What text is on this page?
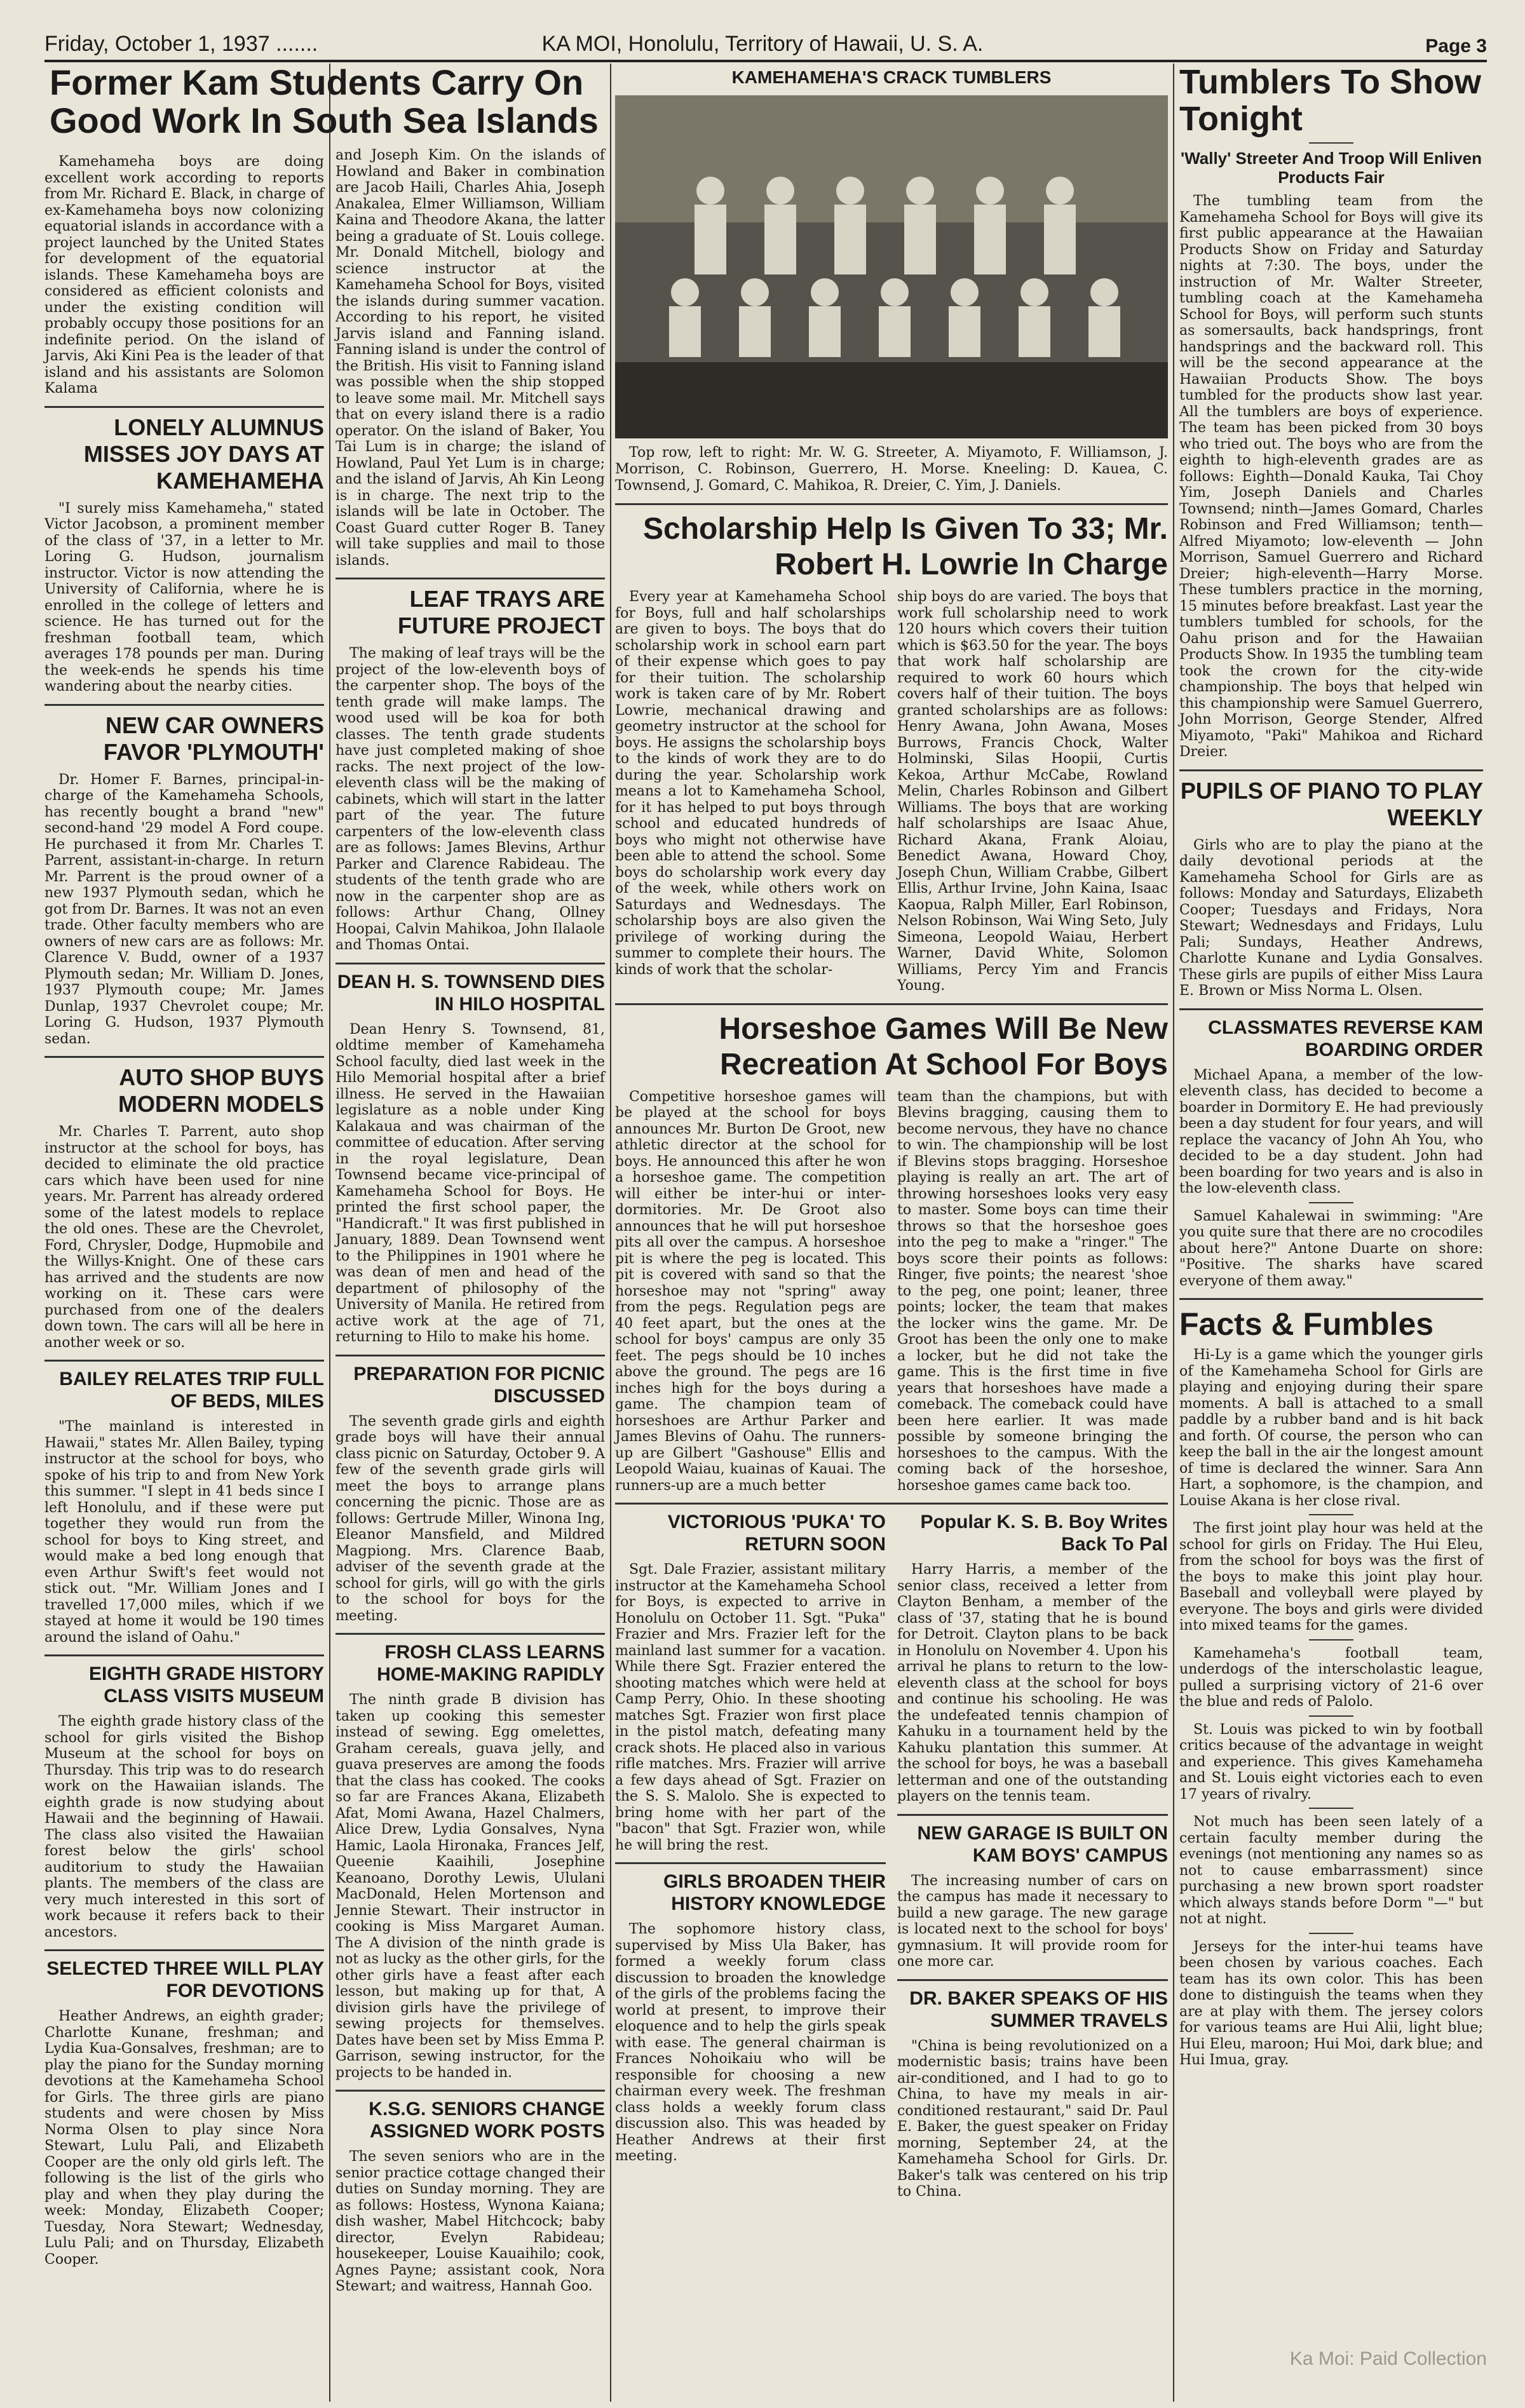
Friday, October 1, 1937 .......	KA MOI, Honolulu, Territory of Hawaii, U. S. A.	Page 3
Former Kam Students Carry On Good Work In South Sea Islands

Kamehameha boys are doing excellent work according to reports from Mr. Richard E. Black, in charge of ex-Kamehameha boys now colonizing equatorial islands in accordance with a project launched by the United States for development of the equatorial islands. These Kamehameha boys are considered as efficient colonists and under the existing condition will probably occupy those positions for an indefinite period. On the island of Jarvis, Aki Kini Pea is the leader of that island and his assistants are Solomon Kalama

LONELY ALUMNUS MISSES JOY DAYS AT KAMEHAMEHA

"I surely miss Kamehameha," stated Victor Jacobson, a prominent member of the class of '37, in a letter to Mr. Loring G. Hudson, journalism instructor. Victor is now attending the University of California, where he is enrolled in the college of letters and science. He has turned out for the freshman football team, which averages 178 pounds per man. During the week-ends he spends his time wandering about the nearby cities.

NEW CAR OWNERS FAVOR 'PLYMOUTH'

Dr. Homer F. Barnes, principal-in-charge of the Kamehameha Schools, has recently bought a brand "new" second-hand '29 model A Ford coupe. He purchased it from Mr. Charles T. Parrent, assistant-in-charge. In return Mr. Parrent is the proud owner of a new 1937 Plymouth sedan, which he got from Dr. Barnes. It was not an even trade. Other faculty members who are owners of new cars are as follows: Mr. Clarence V. Budd, owner of a 1937 Plymouth sedan; Mr. William D. Jones, 1937 Plymouth coupe; Mr. James Dunlap, 1937 Chevrolet coupe; Mr. Loring G. Hudson, 1937 Plymouth sedan.

AUTO SHOP BUYS MODERN MODELS

Mr. Charles T. Parrent, auto shop instructor at the school for boys, has decided to eliminate the old practice cars which have been used for nine years. Mr. Parrent has already ordered some of the latest models to replace the old ones. These are the Chevrolet, Ford, Chrysler, Dodge, Hupmobile and the Willys-Knight. One of these cars has arrived and the students are now working on it. These cars were purchased from one of the dealers down town. The cars will all be here in another week or so.

BAILEY RELATES TRIP FULL OF BEDS, MILES

"The mainland is interested in Hawaii," states Mr. Allen Bailey, typing instructor at the school for boys, who spoke of his trip to and from New York this summer. "I slept in 41 beds since I left Honolulu, and if these were put together they would run from the school for boys to King street, and would make a bed long enough that even Arthur Swift's feet would not stick out. "Mr. William Jones and I travelled 17,000 miles, which if we stayed at home it would be 190 times around the island of Oahu."

EIGHTH GRADE HISTORY CLASS VISITS MUSEUM

The eighth grade history class of the school for girls visited the Bishop Museum at the school for boys on Thursday. This trip was to do research work on the Hawaiian islands. The eighth grade is now studying about Hawaii and the beginning of Hawaii. The class also visited the Hawaiian forest below the girls' school auditorium to study the Hawaiian plants. The members of the class are very much interested in this sort of work because it refers back to their ancestors.

SELECTED THREE WILL PLAY FOR DEVOTIONS

Heather Andrews, an eighth grader; Charlotte Kunane, freshman; and Lydia Kua-Gonsalves, freshman; are to play the piano for the Sunday morning devotions at the Kamehameha School for Girls. The three girls are piano students and were chosen by Miss Norma Olsen to play since Nora Stewart, Lulu Pali, and Elizabeth Cooper are the only old girls left. The following is the list of the girls who play and when they play during the week: Monday, Elizabeth Cooper; Tuesday, Nora Stewart; Wednesday, Lulu Pali; and on Thursday, Elizabeth Cooper.

and Joseph Kim. On the islands of Howland and Baker in combination are Jacob Haili, Charles Ahia, Joseph Anakalea, Elmer Williamson, William Kaina and Theodore Akana, the latter being a graduate of St. Louis college. Mr. Donald Mitchell, biology and science instructor at the Kamehameha School for Boys, visited the islands during summer vacation. According to his report, he visited Jarvis island and Fanning island. Fanning island is under the control of the British. His visit to Fanning island was possible when the ship stopped to leave some mail. Mr. Mitchell says that on every island there is a radio operator. On the island of Baker, You Tai Lum is in charge; the island of Howland, Paul Yet Lum is in charge; and the island of Jarvis, Ah Kin Leong is in charge. The next trip to the islands will be late in October. The Coast Guard cutter Roger B. Taney will take supplies and mail to those islands.

LEAF TRAYS ARE FUTURE PROJECT

The making of leaf trays will be the project of the low-eleventh boys of the carpenter shop. The boys of the tenth grade will make lamps. The wood used will be koa for both classes. The tenth grade students have just completed making of shoe racks. The next project of the low-eleventh class will be the making of cabinets, which will start in the latter part of the year. The future carpenters of the low-eleventh class are as follows: James Blevins, Arthur Parker and Clarence Rabideau. The students of the tenth grade who are now in the carpenter shop are as follows: Arthur Chang, Ollney Hoopai, Calvin Mahikoa, John Ilalaole and Thomas Ontai.

DEAN H. S. TOWNSEND DIES IN HILO HOSPITAL

Dean Henry S. Townsend, 81, oldtime member of Kamehameha School faculty, died last week in the Hilo Memorial hospital after a brief illness. He served in the Hawaiian legislature as a noble under King Kalakaua and was chairman of the committee of education. After serving in the royal legislature, Dean Townsend became vice-principal of Kamehameha School for Boys. He printed the first school paper, the "Handicraft." It was first published in January, 1889. Dean Townsend went to the Philippines in 1901 where he was dean of men and head of the department of philosophy of the University of Manila. He retired from active work at the age of 71, returning to Hilo to make his home.

PREPARATION FOR PICNIC DISCUSSED

The seventh grade girls and eighth grade boys will have their annual class picnic on Saturday, October 9. A few of the seventh grade girls will meet the boys to arrange plans concerning the picnic. Those are as follows: Gertrude Miller, Winona Ing, Eleanor Mansfield, and Mildred Magpiong. Mrs. Clarence Baab, adviser of the seventh grade at the school for girls, will go with the girls to the school for boys for the meeting.

FROSH CLASS LEARNS HOME-MAKING RAPIDLY

The ninth grade B division has taken up cooking this semester instead of sewing. Egg omelettes, Graham cereals, guava jelly, and guava preserves are among the foods that the class has cooked. The cooks so far are Frances Akana, Elizabeth Afat, Momi Awana, Hazel Chalmers, Alice Drew, Lydia Gonsalves, Nyna Hamic, Laola Hironaka, Frances Jelf, Queenie Kaaihili, Josephine Keanoano, Dorothy Lewis, Ululani MacDonald, Helen Mortenson and Jennie Stewart. Their instructor in cooking is Miss Margaret Auman. The A division of the ninth grade is not as lucky as the other girls, for the other girls have a feast after each lesson, but making up for that, A division girls have the privilege of sewing projects for themselves. Dates have been set by Miss Emma P. Garrison, sewing instructor, for the projects to be handed in.

K.S.G. SENIORS CHANGE ASSIGNED WORK POSTS

The seven seniors who are in the senior practice cottage changed their duties on Sunday morning. They are as follows: Hostess, Wynona Kaiana; dish washer, Mabel Hitchcock; baby director, Evelyn Rabideau; housekeeper, Louise Kauaihilo; cook, Agnes Payne; assistant cook, Nora Stewart; and waitress, Hannah Goo.

KAMEHAMEHA'S CRACK TUMBLERS
Top row, left to right: Mr. W. G. Streeter, A. Miyamoto, F. Williamson, J. Morrison, C. Robinson, Guerrero, H. Morse. Kneeling: D. Kauea, C. Townsend, J. Gomard, C. Mahikoa, R. Dreier, C. Yim, J. Daniels.
Scholarship Help Is Given To 33; Mr. Robert H. Lowrie In Charge

Every year at Kamehameha School for Boys, full and half scholarships are given to boys. The boys that do scholarship work in school earn part of their expense which goes to pay for their tuition. The scholarship work is taken care of by Mr. Robert Lowrie, mechanical drawing and geometry instructor at the school for boys. He assigns the scholarship boys to the kinds of work they are to do during the year. Scholarship work means a lot to Kamehameha School, for it has helped to put boys through school and educated hundreds of boys who might not otherwise have been able to attend the school. Some boys do scholarship work every day of the week, while others work on Saturdays and Wednesdays. The scholarship boys are also given the privilege of working during the summer to complete their hours. The kinds of work that the scholar-

ship boys do are varied. The boys that work full scholarship need to work 120 hours which covers their tuition which is $63.50 for the year. The boys that work half scholarship are required to work 60 hours which covers half of their tuition. The boys granted scholarships are as follows: Henry Awana, John Awana, Moses Burrows, Francis Chock, Walter Holminski, Silas Hoopii, Curtis Kekoa, Arthur McCabe, Rowland Melin, Charles Robinson and Gilbert Williams. The boys that are working half scholarships are Isaac Ahue, Richard Akana, Frank Aloiau, Benedict Awana, Howard Choy, Joseph Chun, William Crabbe, Gilbert Ellis, Arthur Irvine, John Kaina, Isaac Kaopua, Ralph Miller, Earl Robinson, Nelson Robinson, Wai Wing Seto, July Simeona, Leopold Waiau, Herbert Warner, David White, Solomon Williams, Percy Yim and Francis Young.

Horseshoe Games Will Be New Recreation At School For Boys

Competitive horseshoe games will be played at the school for boys announces Mr. Burton De Groot, new athletic director at the school for boys. He announced this after he won a horseshoe game. The competition will either be inter-hui or inter-dormitories. Mr. De Groot also announces that he will put horseshoe pits all over the campus. A horseshoe pit is where the peg is located. This pit is covered with sand so that the horseshoe may not "spring" away from the pegs. Regulation pegs are 40 feet apart, but the ones at the school for boys' campus are only 35 feet. The pegs should be 10 inches above the ground. The pegs are 16 inches high for the boys during a game. The champion team of horseshoes are Arthur Parker and James Blevins of Oahu. The runners-up are Gilbert "Gashouse" Ellis and Leopold Waiau, kuainas of Kauai. The runners-up are a much better

team than the champions, but with Blevins bragging, causing them to become nervous, they have no chance to win. The championship will be lost if Blevins stops bragging. Horseshoe playing is really an art. The art of throwing horseshoes looks very easy to master. Some boys can time their throws so that the horseshoe goes into the peg to make a "ringer." The boys score their points as follows: Ringer, five points; the nearest 'shoe to the peg, one point; leaner, three points; locker, the team that makes the locker wins the game. Mr. De Groot has been the only one to make a locker, but he did not take the game. This is the first time in five years that horseshoes have made a comeback. The comeback could have been here earlier. It was made possible by someone bringing the horseshoes to the campus. With the coming back of the horseshoe, horseshoe games came back too.

VICTORIOUS 'PUKA' TO RETURN SOON

Sgt. Dale Frazier, assistant military instructor at the Kamehameha School for Boys, is expected to arrive in Honolulu on October 11. Sgt. "Puka" Frazier and Mrs. Frazier left for the mainland last summer for a vacation. While there Sgt. Frazier entered the shooting matches which were held at Camp Perry, Ohio. In these shooting matches Sgt. Frazier won first place in the pistol match, defeating many crack shots. He placed also in various rifle matches. Mrs. Frazier will arrive a few days ahead of Sgt. Frazier on the S. S. Malolo. She is expected to bring home with her part of the "bacon" that Sgt. Frazier won, while he will bring the rest.

GIRLS BROADEN THEIR HISTORY KNOWLEDGE

The sophomore history class, supervised by Miss Ula Baker, has formed a weekly forum class discussion to broaden the knowledge of the girls of the problems facing the world at present, to improve their eloquence and to help the girls speak with ease. The general chairman is Frances Nohoikaiu who will be responsible for choosing a new chairman every week. The freshman class holds a weekly forum class discussion also. This was headed by Heather Andrews at their first meeting.

Popular K. S. B. Boy Writes Back To Pal

Harry Harris, a member of the senior class, received a letter from Clayton Benham, a member of the class of '37, stating that he is bound for Detroit. Clayton plans to be back in Honolulu on November 4. Upon his arrival he plans to return to the low-eleventh class at the school for boys and continue his schooling. He was the undefeated tennis champion of Kahuku in a tournament held by the Kahuku plantation this summer. At the school for boys, he was a baseball letterman and one of the outstanding players on the tennis team.

NEW GARAGE IS BUILT ON KAM BOYS' CAMPUS

The increasing number of cars on the campus has made it necessary to build a new garage. The new garage is located next to the school for boys' gymnasium. It will provide room for one more car.

DR. BAKER SPEAKS OF HIS SUMMER TRAVELS

"China is being revolutionized on a modernistic basis; trains have been air-conditioned, and I had to go to China, to have my meals in air-conditioned restaurant," said Dr. Paul E. Baker, the guest speaker on Friday morning, September 24, at the Kamehameha School for Girls. Dr. Baker's talk was centered on his trip to China.

Tumblers To Show Tonight
'Wally' Streeter And Troop Will Enliven Products Fair

The tumbling team from the Kamehameha School for Boys will give its first public appearance at the Hawaiian Products Show on Friday and Saturday nights at 7:30. The boys, under the instruction of Mr. Walter Streeter, tumbling coach at the Kamehameha School for Boys, will perform such stunts as somersaults, back handsprings, front handsprings and the backward roll. This will be the second appearance at the Hawaiian Products Show. The boys tumbled for the products show last year. All the tumblers are boys of experience. The team has been picked from 30 boys who tried out. The boys who are from the eighth to high-eleventh grades are as follows: Eighth—Donald Kauka, Tai Choy Yim, Joseph Daniels and Charles Townsend; ninth—James Gomard, Charles Robinson and Fred Williamson; tenth—Alfred Miyamoto; low-eleventh — John Morrison, Samuel Guerrero and Richard Dreier; high-eleventh—Harry Morse. These tumblers practice in the morning, 15 minutes before breakfast. Last year the tumblers tumbled for schools, for the Oahu prison and for the Hawaiian Products Show. In 1935 the tumbling team took the crown for the city-wide championship. The boys that helped win this championship were Samuel Guerrero, John Morrison, George Stender, Alfred Miyamoto, "Paki" Mahikoa and Richard Dreier.

PUPILS OF PIANO TO PLAY WEEKLY

Girls who are to play the piano at the daily devotional periods at the Kamehameha School for Girls are as follows: Monday and Saturdays, Elizabeth Cooper; Tuesdays and Fridays, Nora Stewart; Wednesdays and Fridays, Lulu Pali; Sundays, Heather Andrews, Charlotte Kunane and Lydia Gonsalves. These girls are pupils of either Miss Laura E. Brown or Miss Norma L. Olsen.

CLASSMATES REVERSE KAM BOARDING ORDER

Michael Apana, a member of the low-eleventh class, has decided to become a boarder in Dormitory E. He had previously been a day student for four years, and will replace the vacancy of John Ah You, who decided to be a day student. John had been boarding for two years and is also in the low-eleventh class.

Samuel Kahalewai in swimming: "Are you quite sure that there are no crocodiles about here?" Antone Duarte on shore: "Positive. The sharks have scared everyone of them away."

Facts & Fumbles

Hi-Ly is a game which the younger girls of the Kamehameha School for Girls are playing and enjoying during their spare moments. A ball is attached to a small paddle by a rubber band and is hit back and forth. Of course, the person who can keep the ball in the air the longest amount of time is declared the winner. Sara Ann Hart, a sophomore, is the champion, and Louise Akana is her close rival.

The first joint play hour was held at the school for girls on Friday. The Hui Eleu, from the school for boys was the first of the boys to make this joint play hour. Baseball and volleyball were played by everyone. The boys and girls were divided into mixed teams for the games.

Kamehameha's football team, underdogs of the interscholastic league, pulled a surprising victory of 21-6 over the blue and reds of Palolo.

St. Louis was picked to win by football critics because of the advantage in weight and experience. This gives Kamehameha and St. Louis eight victories each to even 17 years of rivalry.

Not much has been seen lately of a certain faculty member during the evenings (not mentioning any names so as not to cause embarrassment) since purchasing a new brown sport roadster which always stands before Dorm "—" but not at night.

Jerseys for the inter-hui teams have been chosen by various coaches. Each team has its own color. This has been done to distinguish the teams when they are at play with them. The jersey colors for various teams are Hui Alii, light blue; Hui Eleu, maroon; Hui Moi, dark blue; and Hui Imua, gray.

Ka Moi: Paid Collection
